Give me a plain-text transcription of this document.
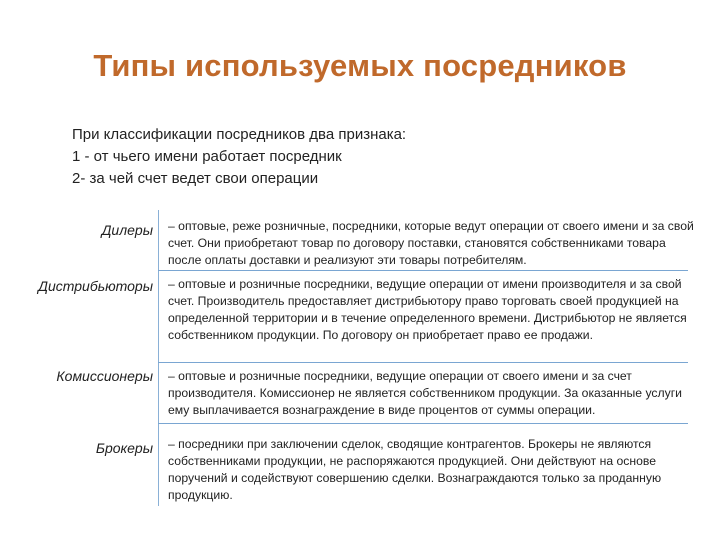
Типы используемых посредников
При классификации посредников два признака:
1 - от чьего имени работает посредник
2- за чей счет ведет свои операции
Дилеры – оптовые, реже розничные, посредники, которые ведут операции от своего имени и за свой счет. Они приобретают товар по договору поставки, становятся собственниками товара после оплаты доставки и реализуют эти товары потребителям.
Дистрибьюторы – оптовые и розничные посредники, ведущие операции от имени производителя и за свой счет. Производитель предоставляет дистрибьютору право торговать своей продукцией на определенной территории и в течение определенного времени. Дистрибьютор не является собственником продукции. По договору он приобретает право ее продажи.
Комиссионеры – оптовые и розничные посредники, ведущие операции от своего имени и за счет производителя. Комиссионер не является собственником продукции. За оказанные услуги ему выплачивается вознаграждение в виде процентов от суммы операции.
Брокеры – посредники при заключении сделок, сводящие контрагентов. Брокеры не являются собственниками продукции, не распоряжаются продукцией. Они действуют на основе поручений и содействуют совершению сделки. Вознаграждаются только за проданную продукцию.
